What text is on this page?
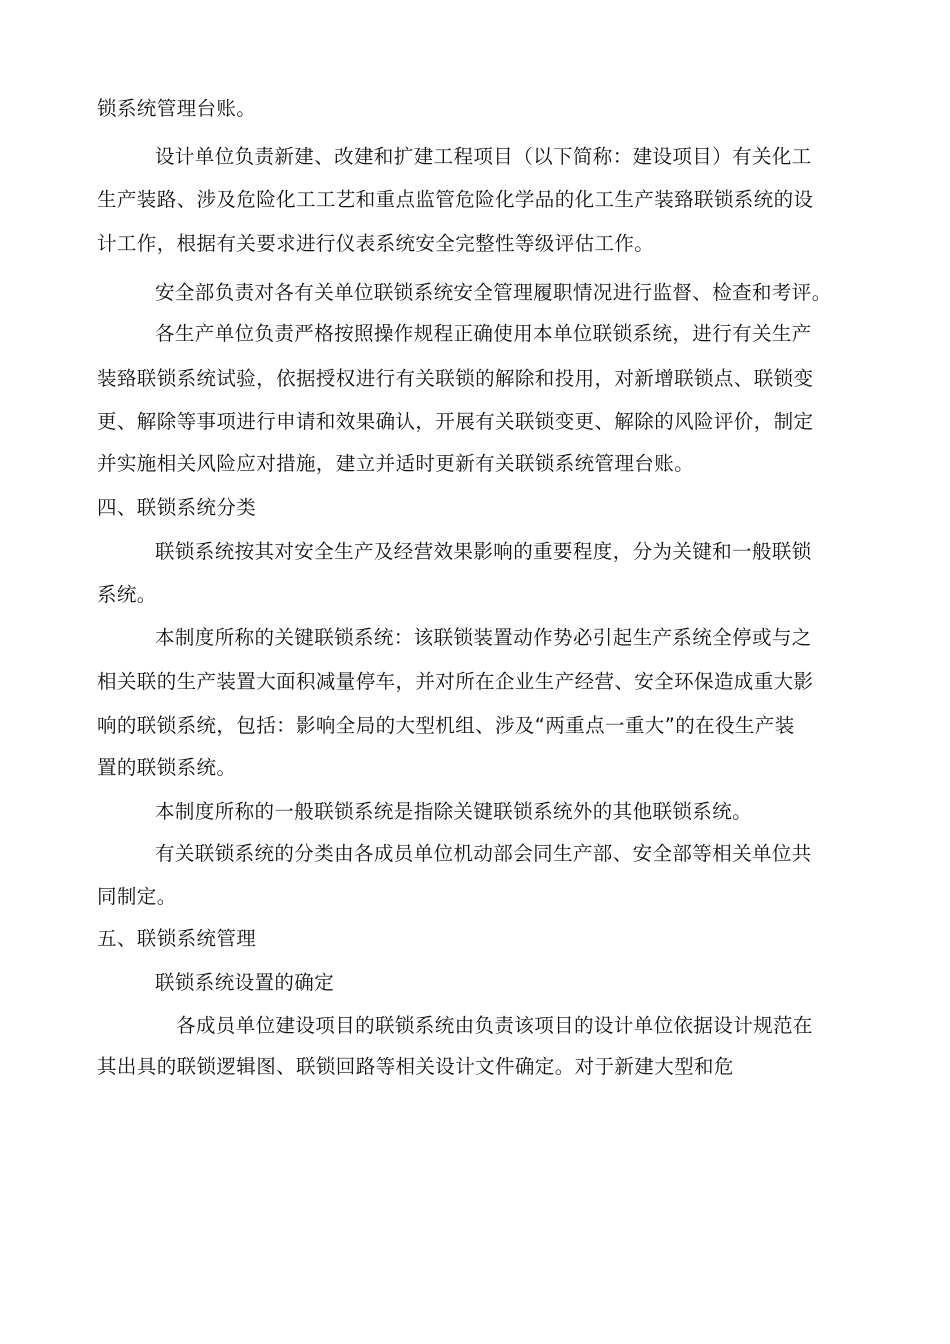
锁系统管理台账。
设计单位负责新建、改建和扩建工程项目（以下简称：建设项目）有关化工
生产装路、涉及危险化工工艺和重点监管危险化学品的化工生产装臵联锁系统的设
计工作，根据有关要求进行仪表系统安全完整性等级评估工作。
安全部负责对各有关单位联锁系统安全管理履职情况进行监督、检查和考评。
各生产单位负责严格按照操作规程正确使用本单位联锁系统，进行有关生产
装臵联锁系统试验，依据授权进行有关联锁的解除和投用，对新增联锁点、联锁变
更、解除等事项进行申请和效果确认，开展有关联锁变更、解除的风险评价，制定
并实施相关风险应对措施，建立并适时更新有关联锁系统管理台账。
四、联锁系统分类
联锁系统按其对安全生产及经营效果影响的重要程度，分为关键和一般联锁
系统。
本制度所称的关键联锁系统：该联锁装置动作势必引起生产系统全停或与之
相关联的生产装置大面积减量停车，并对所在企业生产经营、安全环保造成重大影
响的联锁系统，包括：影响全局的大型机组、涉及“两重点一重大”的在役生产装
置的联锁系统。
本制度所称的一般联锁系统是指除关键联锁系统外的其他联锁系统。
有关联锁系统的分类由各成员单位机动部会同生产部、安全部等相关单位共
同制定。
五、联锁系统管理
联锁系统设置的确定
各成员单位建设项目的联锁系统由负责该项目的设计单位依据设计规范在
其出具的联锁逻辑图、联锁回路等相关设计文件确定。对于新建大型和危
